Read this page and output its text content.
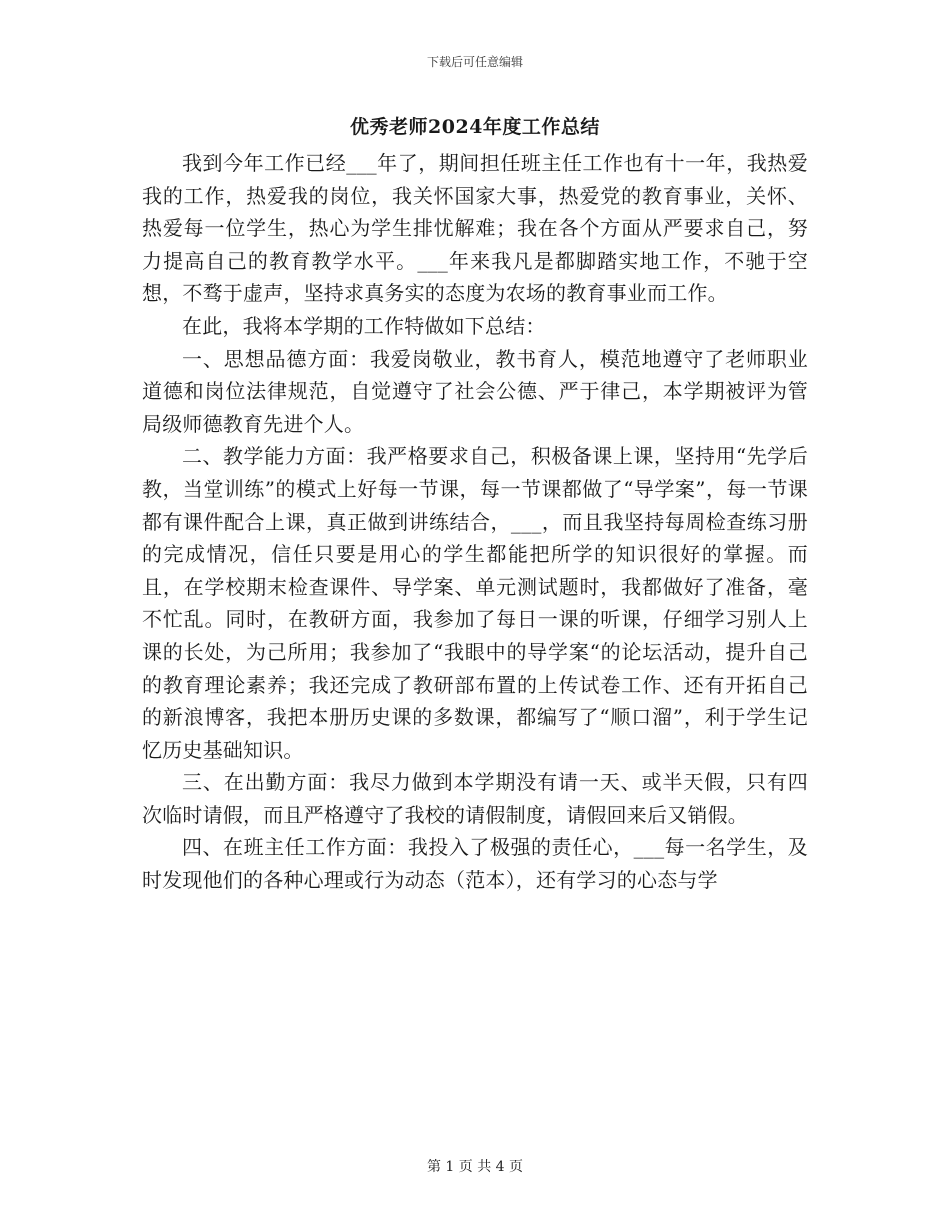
下载后可任意编辑
优秀老师2024年度工作总结

我到今年工作已经___年了，期间担任班主任工作也有十一年，我热爱我的工作，热爱我的岗位，我关怀国家大事，热爱党的教育事业，关怀、热爱每一位学生，热心为学生排忧解难；我在各个方面从严要求自己，努力提高自己的教育教学水平。___年来我凡是都脚踏实地工作，不驰于空想，不骛于虚声，坚持求真务实的态度为农场的教育事业而工作。

在此，我将本学期的工作特做如下总结：

一、思想品德方面：我爱岗敬业，教书育人，模范地遵守了老师职业道德和岗位法律规范，自觉遵守了社会公德、严于律己，本学期被评为管局级师德教育先进个人。

二、教学能力方面：我严格要求自己，积极备课上课，坚持用“先学后教，当堂训练”的模式上好每一节课，每一节课都做了“导学案”，每一节课都有课件配合上课，真正做到讲练结合，___，而且我坚持每周检查练习册的完成情况，信任只要是用心的学生都能把所学的知识很好的掌握。而且，在学校期末检查课件、导学案、单元测试题时，我都做好了准备，毫不忙乱。同时，在教研方面，我参加了每日一课的听课，仔细学习别人上课的长处，为己所用；我参加了“我眼中的导学案“的论坛活动，提升自己的教育理论素养；我还完成了教研部布置的上传试卷工作、还有开拓自己的新浪博客，我把本册历史课的多数课，都编写了“顺口溜”，利于学生记忆历史基础知识。

三、在出勤方面：我尽力做到本学期没有请一天、或半天假，只有四次临时请假，而且严格遵守了我校的请假制度，请假回来后又销假。

四、在班主任工作方面：我投入了极强的责任心，___每一名学生，及时发现他们的各种心理或行为动态（范本），还有学习的心态与学

第 1 页 共 4 页
